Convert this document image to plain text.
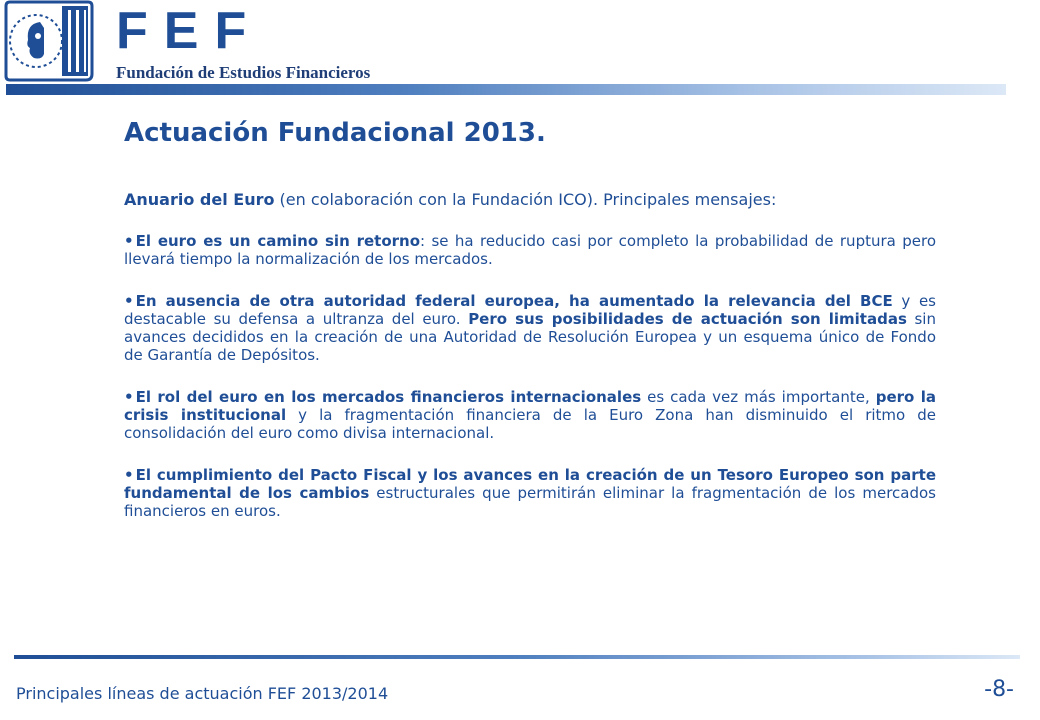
FEF
Fundación de Estudios Financieros
Actuación Fundacional 2013.

Anuario del Euro (en colaboración con la Fundación ICO). Principales mensajes:

• El euro es un camino sin retorno: se ha reducido casi por completo la probabilidad de ruptura pero llevará tiempo la normalización de los mercados.

• En ausencia de otra autoridad federal europea, ha aumentado la relevancia del BCE y es destacable su defensa a ultranza del euro. Pero sus posibilidades de actuación son limitadas sin avances decididos en la creación de una Autoridad de Resolución Europea y un esquema único de Fondo de Garantía de Depósitos.

• El rol del euro en los mercados financieros internacionales es cada vez más importante, pero la crisis institucional y la fragmentación financiera de la Euro Zona han disminuido el ritmo de consolidación del euro como divisa internacional.

• El cumplimiento del Pacto Fiscal y los avances en la creación de un Tesoro Europeo son parte fundamental de los cambios estructurales que permitirán eliminar la fragmentación de los mercados financieros en euros.

Principales líneas de actuación FEF 2013/2014	-8-
